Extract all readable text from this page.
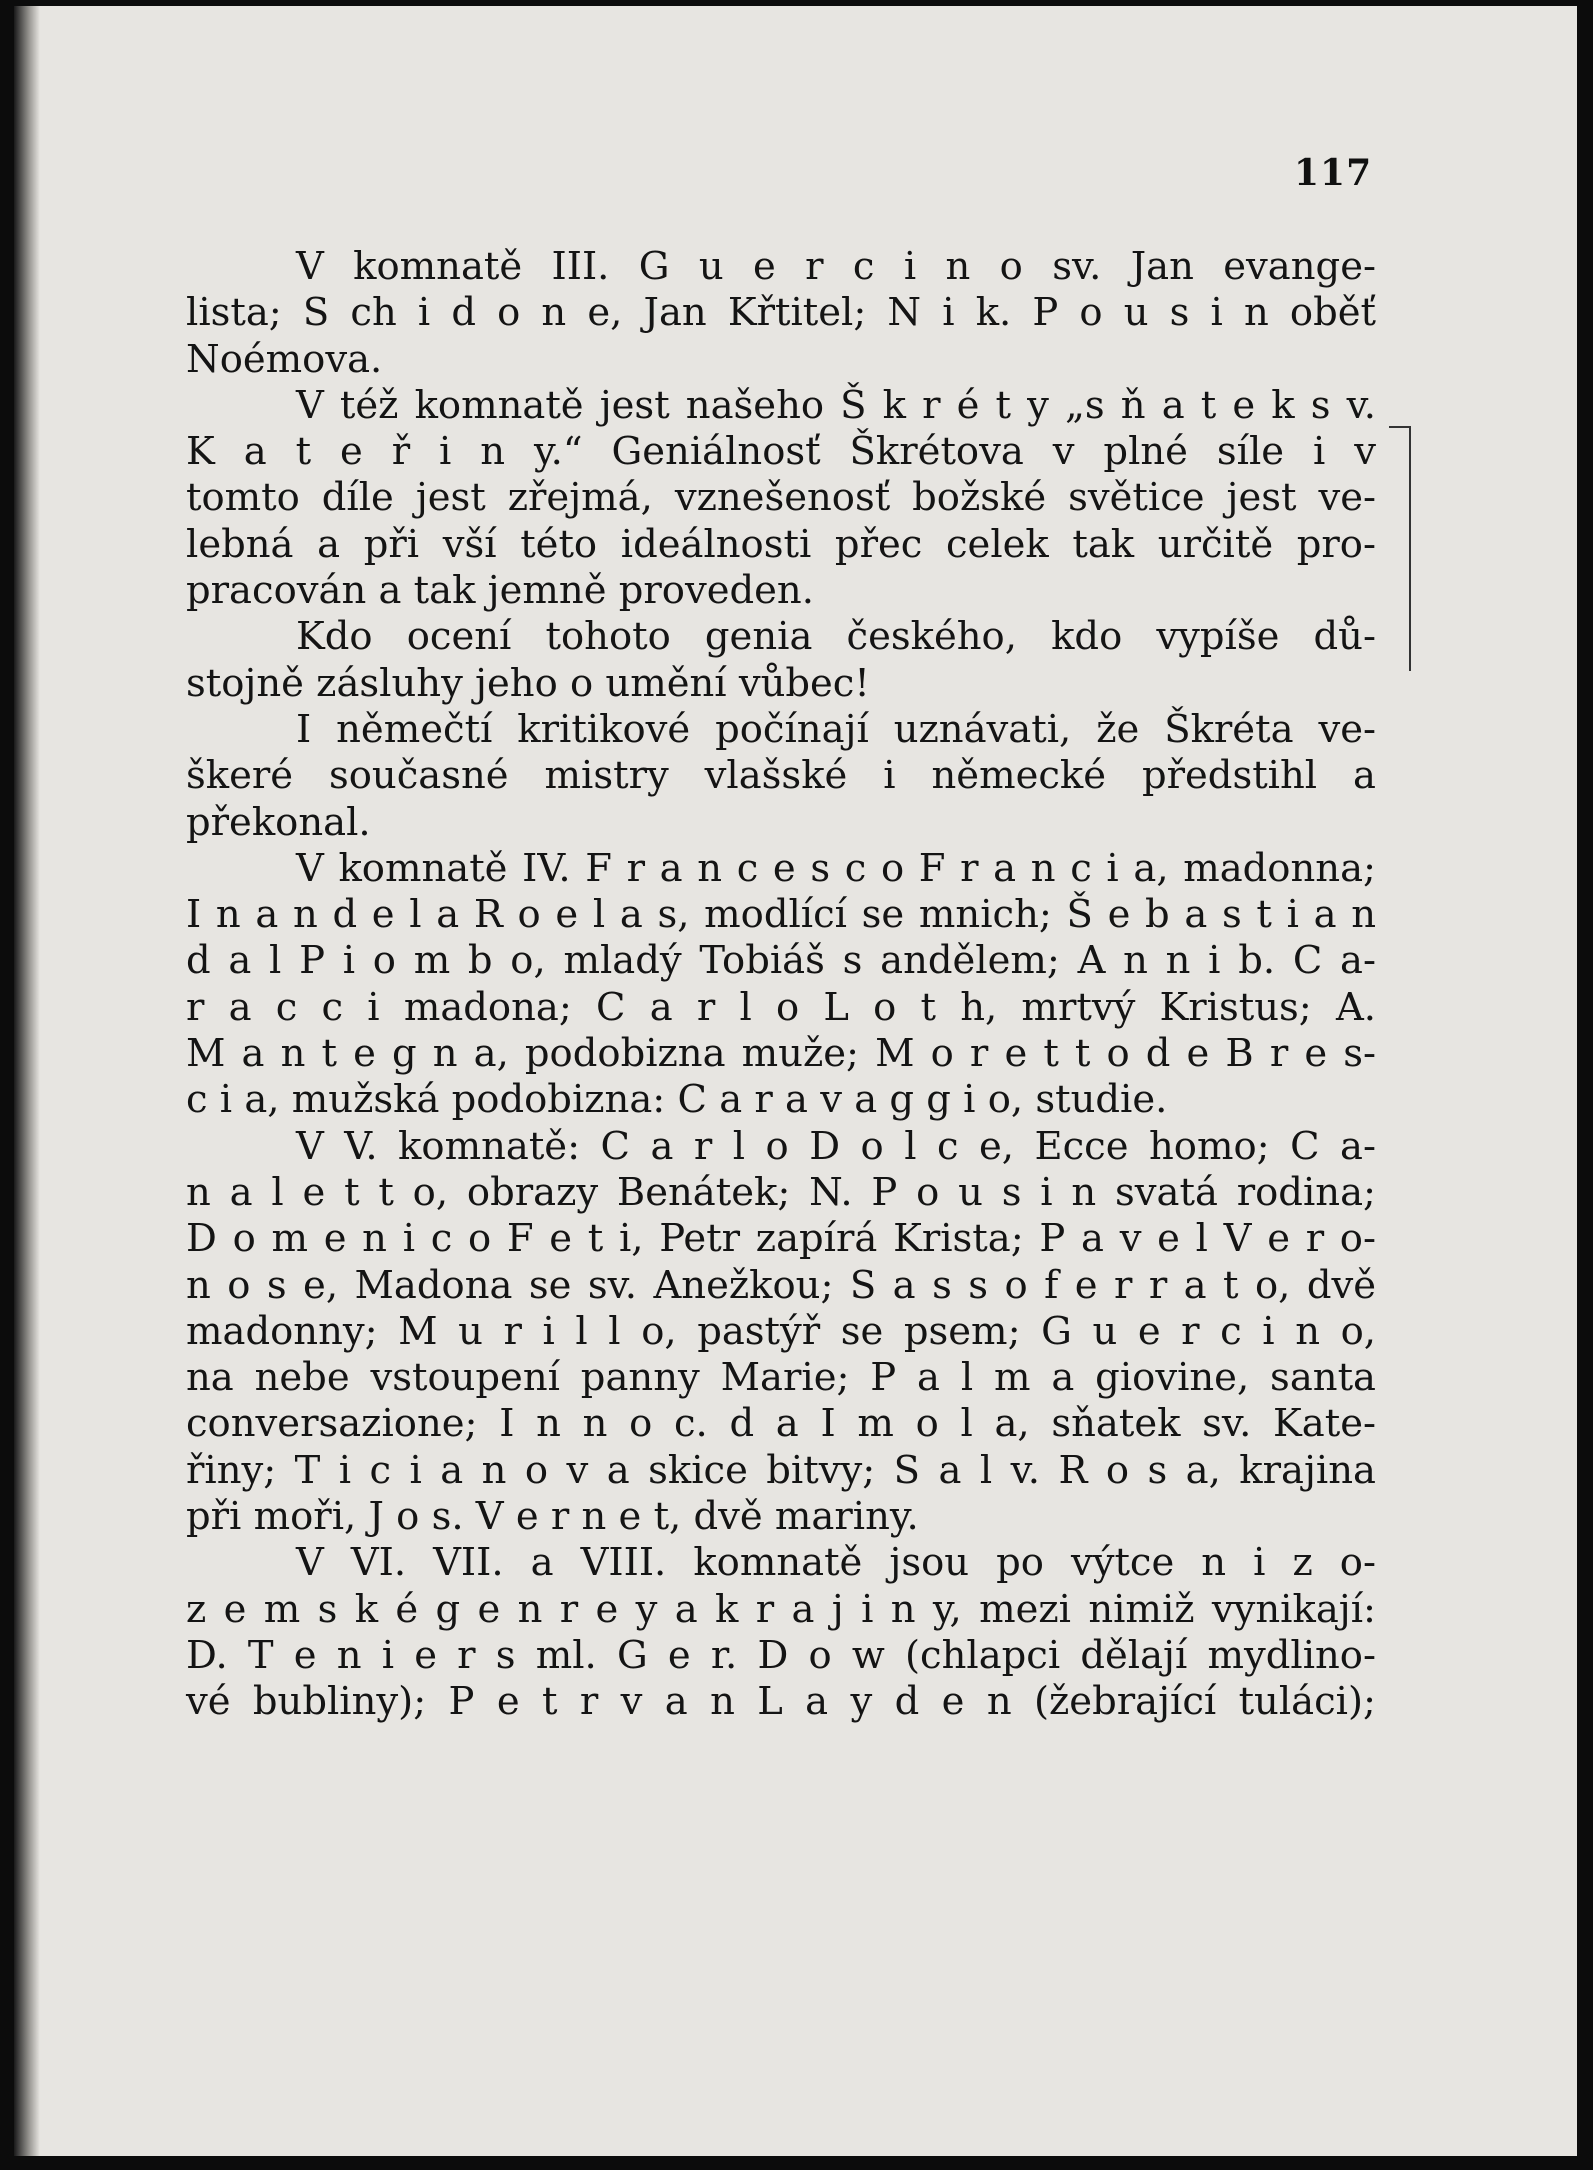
117
V komnatě III. G u e r c i n o sv. Jan evange-
lista; S ch i d o n e, Jan Křtitel; N i k. P o u s i n oběť
Noémova.
V též komnatě jest našeho Š k r é t y „s ň a t e k s v.
K a t e ř i n y.“ Geniálnosť Škrétova v plné síle i v
tomto díle jest zřejmá, vznešenosť božské světice jest ve-
lebná a při vší této ideálnosti přec celek tak určitě pro-
pracován a tak jemně proveden.
Kdo ocení tohoto genia českého, kdo vypíše dů-
stojně zásluhy jeho o umění vůbec!
I němečtí kritikové počínají uznávati, že Škréta ve-
škeré současné mistry vlašské i německé předstihl a
překonal.
V komnatě IV. F r a n c e s c o F r a n c i a, madonna;
I n a n d e l a R o e l a s, modlící se mnich; Š e b a s t i a n
d a l P i o m b o, mladý Tobiáš s andělem; A n n i b. C a-
r a c c i madona; C a r l o L o t h, mrtvý Kristus; A.
M a n t e g n a, podobizna muže; M o r e t t o d e B r e s-
c i a, mužská podobizna: C a r a v a g g i o, studie.
V V. komnatě: C a r l o D o l c e, Ecce homo; C a-
n a l e t t o, obrazy Benátek; N. P o u s i n svatá rodina;
D o m e n i c o F e t i, Petr zapírá Krista; P a v e l V e r o-
n o s e, Madona se sv. Anežkou; S a s s o f e r r a t o, dvě
madonny; M u r i l l o, pastýř se psem; G u e r c i n o,
na nebe vstoupení panny Marie; P a l m a giovine, santa
conversazione; I n n o c. d a I m o l a, sňatek sv. Kate-
řiny; T i c i a n o v a skice bitvy; S a l v. R o s a, krajina
při moři, J o s. V e r n e t, dvě mariny.
V VI. VII. a VIII. komnatě jsou po výtce n i z o-
z e m s k é g e n r e y a k r a j i n y, mezi nimiž vynikají:
D. T e n i e r s ml. G e r. D o w (chlapci dělají mydlino-
vé bubliny); P e t r v a n L a y d e n (žebrající tuláci);
